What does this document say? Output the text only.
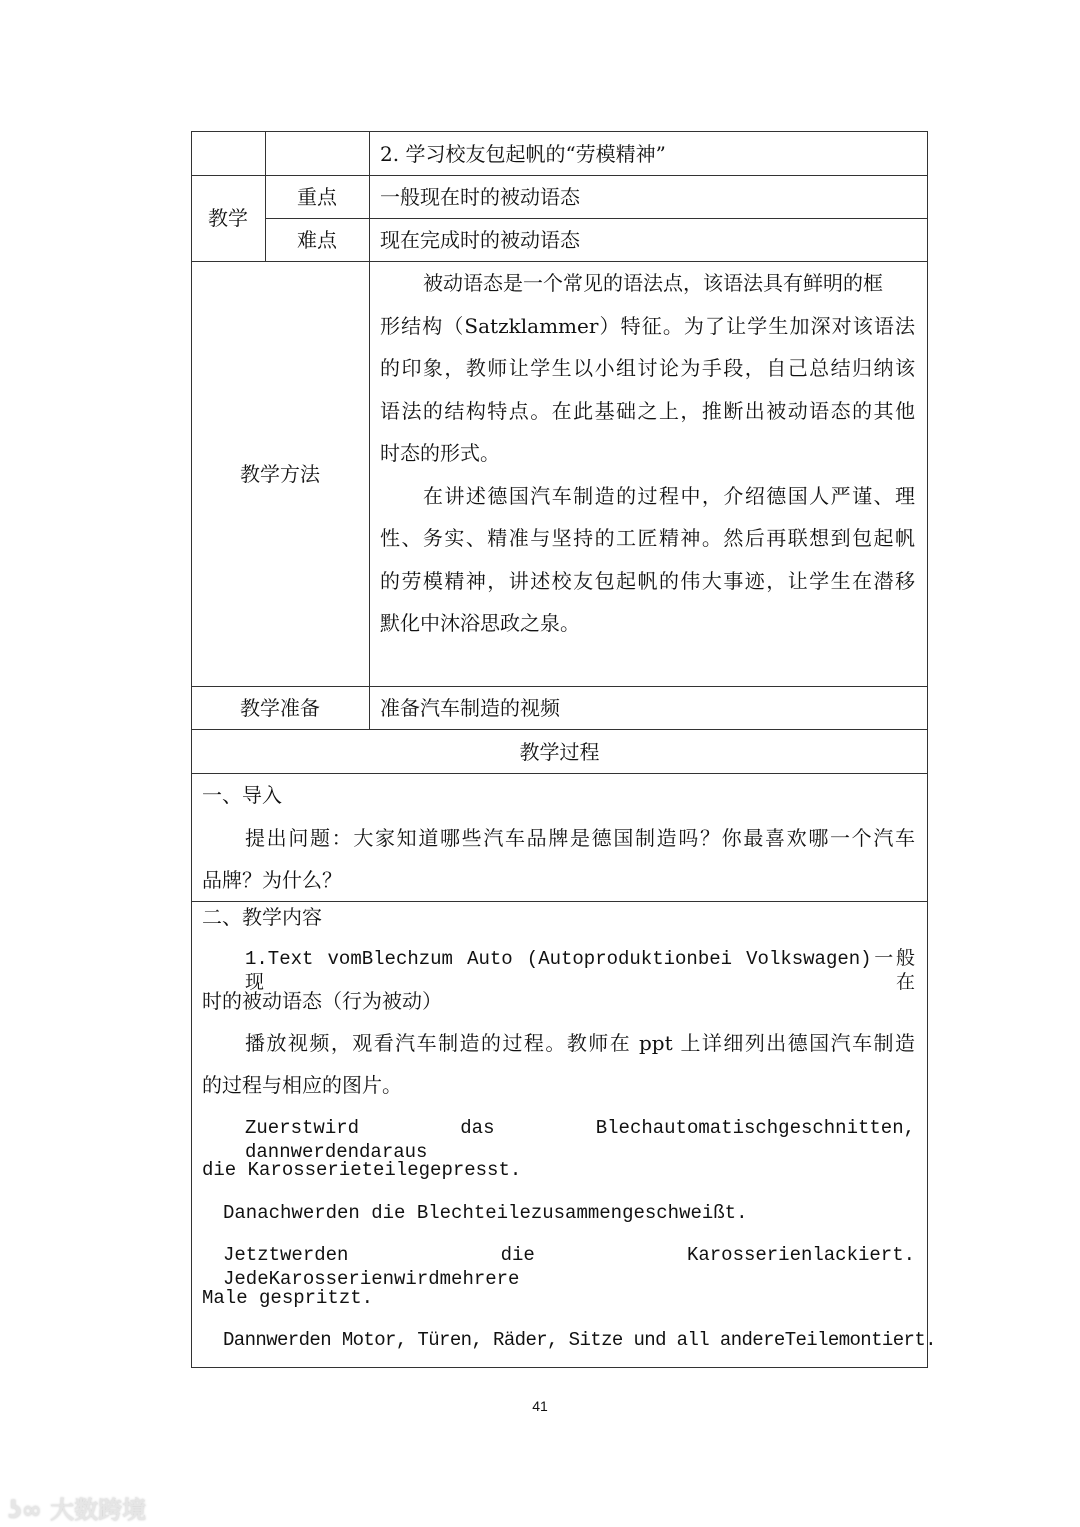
2. 学习校友包起帆的“劳模精神”
教学
重点	一般现在时的被动语态
难点	现在完成时的被动语态
教学方法
被动语态是一个常见的语法点，该语法具有鲜明的框
形结构（Satzklammer）特征。为了让学生加深对该语法
的印象，教师让学生以小组讨论为手段，自己总结归纳该
语法的结构特点。在此基础之上，推断出被动语态的其他
时态的形式。
在讲述德国汽车制造的过程中，介绍德国人严谨、理
性、务实、精准与坚持的工匠精神。然后再联想到包起帆
的劳模精神，讲述校友包起帆的伟大事迹，让学生在潜移
默化中沐浴思政之泉。
教学准备	准备汽车制造的视频
教学过程
一、导入
提出问题：大家知道哪些汽车品牌是德国制造吗？你最喜欢哪一个汽车
品牌？为什么？
二、教学内容
1.Text vomBlechzum Auto (Autoproduktionbei Volkswagen)一般现在
时的被动语态（行为被动）
播放视频，观看汽车制造的过程。教师在 ppt 上详细列出德国汽车制造
的过程与相应的图片。
Zuerstwird das Blechautomatischgeschnitten, dannwerdendaraus
die Karosserieteilegepresst.
Danachwerden die Blechteilezusammengeschweißt.
Jetztwerden die Karosserienlackiert. JedeKarosserienwirdmehrere
Male gespritzt.
Dannwerden Motor, Türen, Räder, Sitze und all andereTeilemontiert.
41
ʖ∞ 大数跨境
